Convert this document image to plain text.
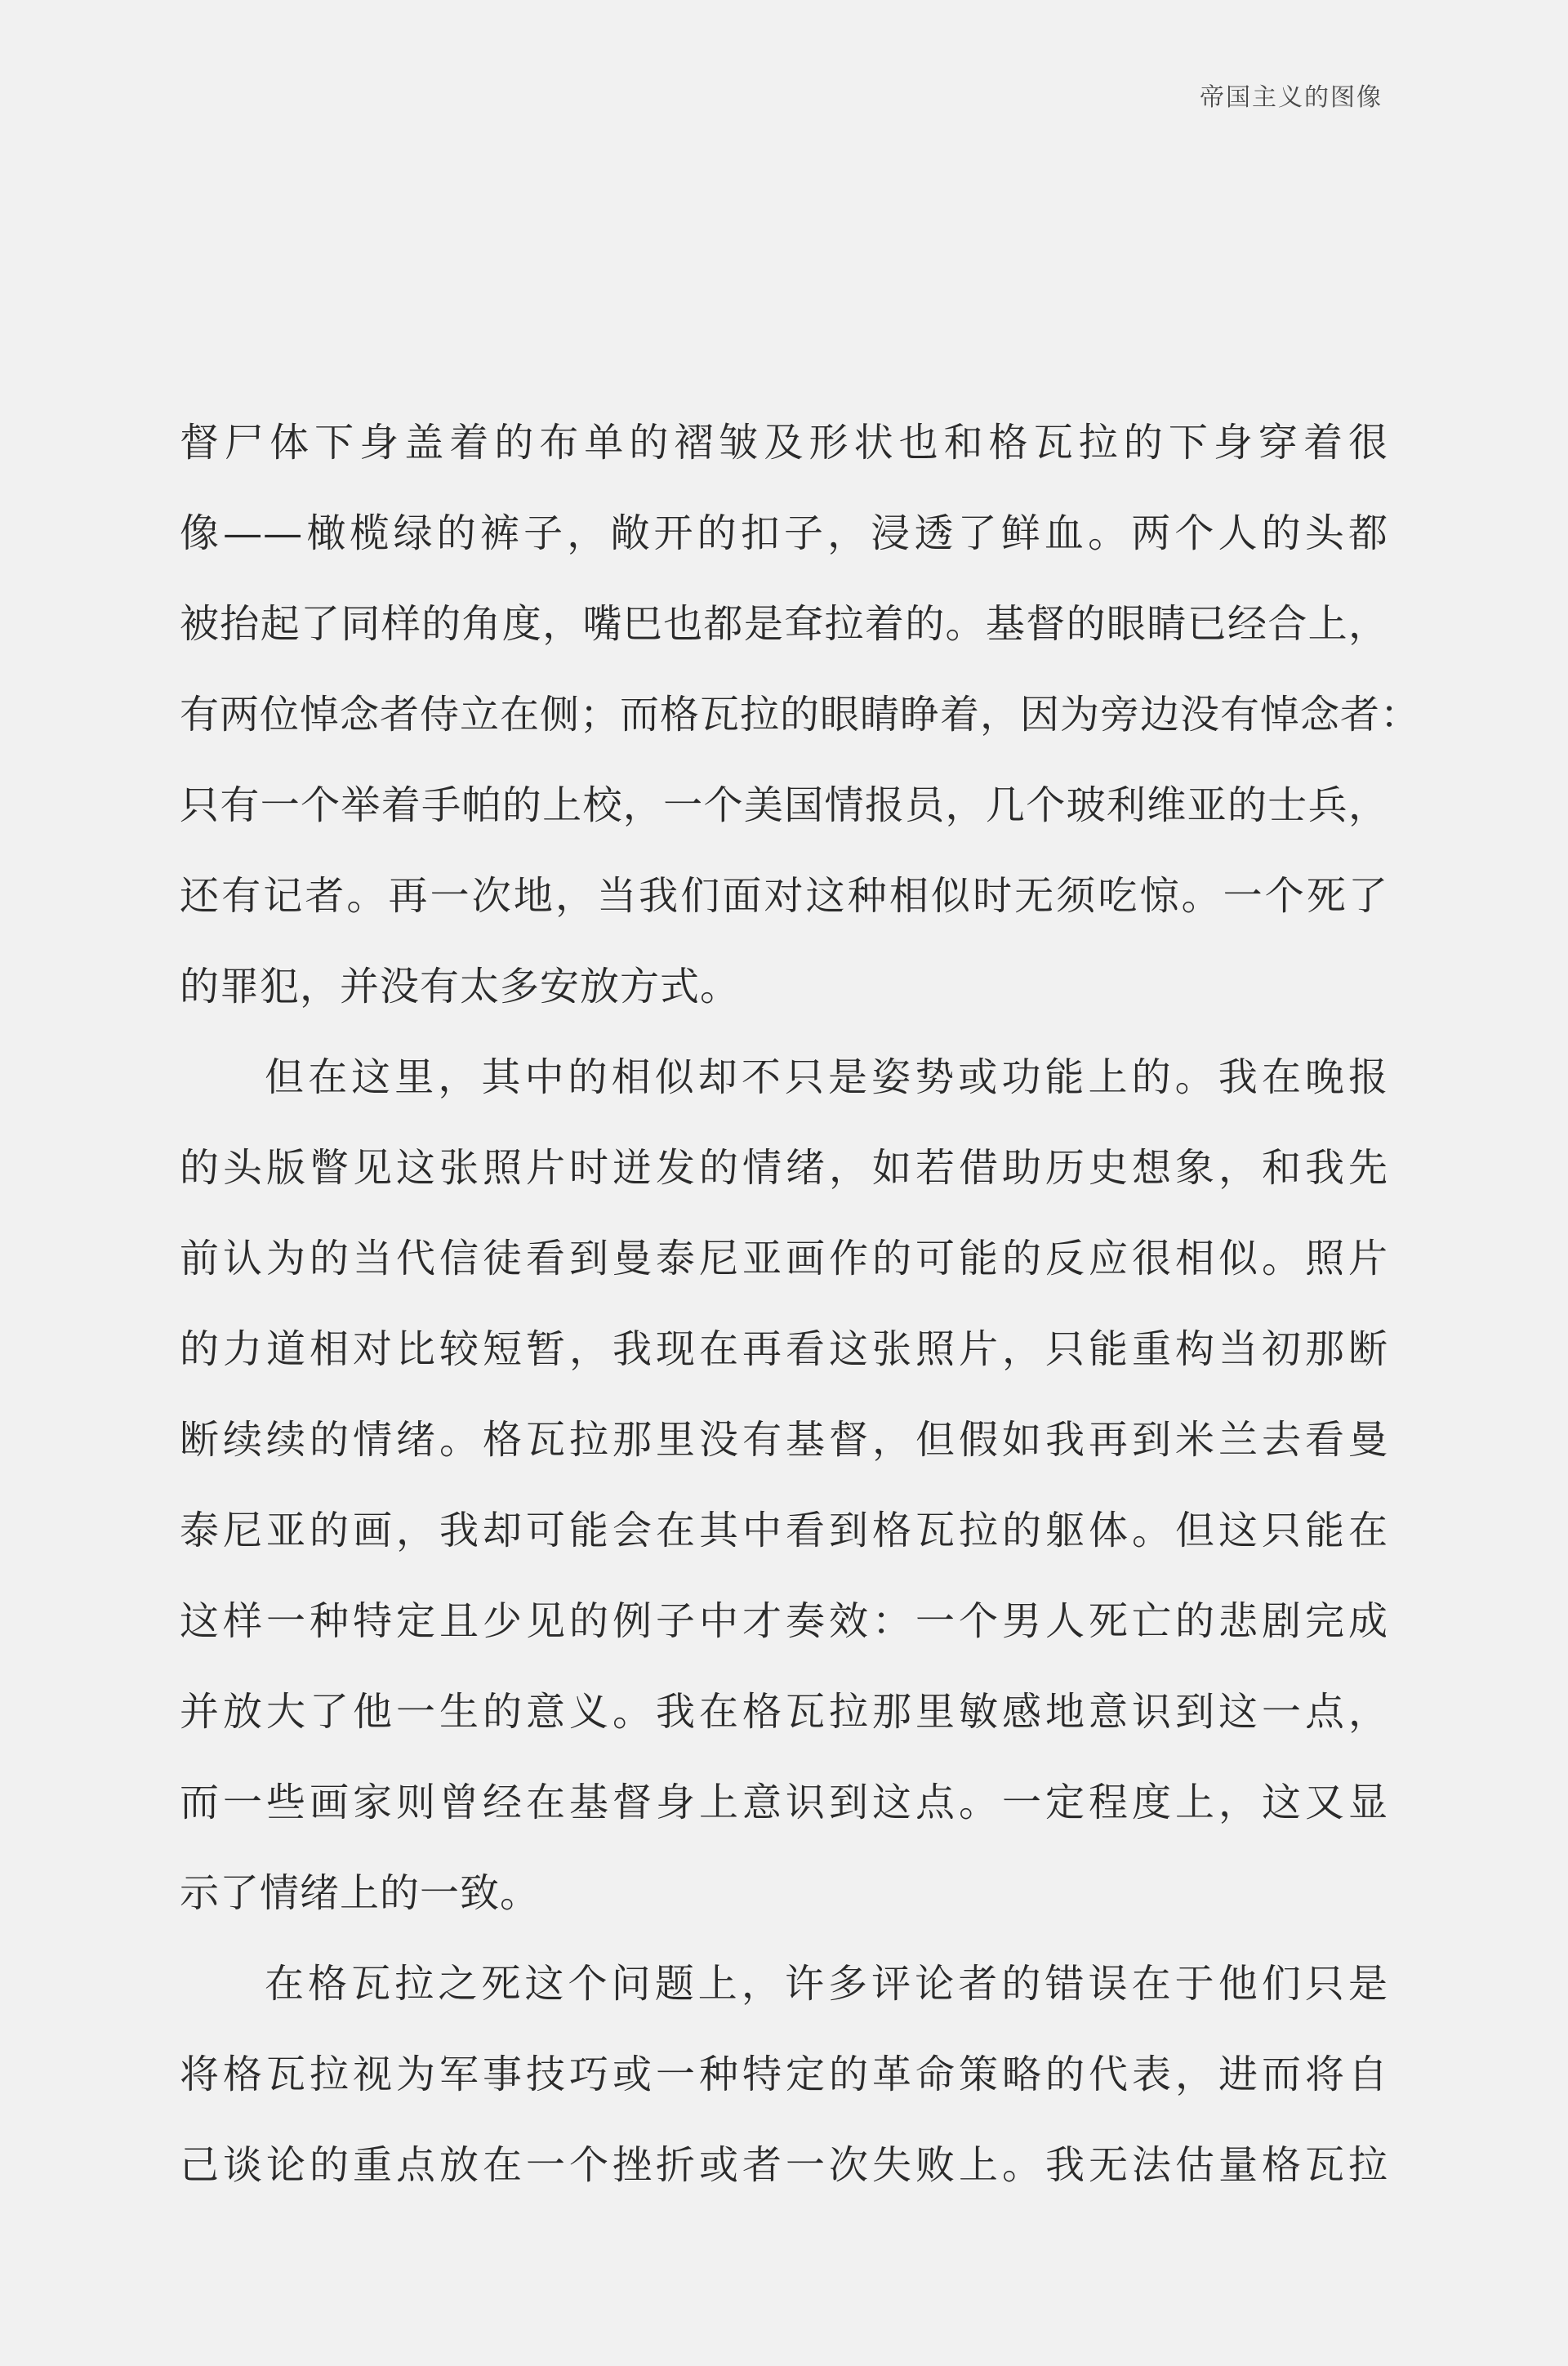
帝国主义的图像
督尸体下身盖着的布单的褶皱及形状也和格瓦拉的下身穿着很
像——橄榄绿的裤子，敞开的扣子，浸透了鲜血。两个人的头都
被抬起了同样的角度，嘴巴也都是耷拉着的。基督的眼睛已经合上，
有两位悼念者侍立在侧；而格瓦拉的眼睛睁着，因为旁边没有悼念者：
只有一个举着手帕的上校，一个美国情报员，几个玻利维亚的士兵，
还有记者。再一次地，当我们面对这种相似时无须吃惊。一个死了
的罪犯，并没有太多安放方式。
但在这里，其中的相似却不只是姿势或功能上的。我在晚报
的头版瞥见这张照片时迸发的情绪，如若借助历史想象，和我先
前认为的当代信徒看到曼泰尼亚画作的可能的反应很相似。照片
的力道相对比较短暂，我现在再看这张照片，只能重构当初那断
断续续的情绪。格瓦拉那里没有基督，但假如我再到米兰去看曼
泰尼亚的画，我却可能会在其中看到格瓦拉的躯体。但这只能在
这样一种特定且少见的例子中才奏效：一个男人死亡的悲剧完成
并放大了他一生的意义。我在格瓦拉那里敏感地意识到这一点，
而一些画家则曾经在基督身上意识到这点。一定程度上，这又显
示了情绪上的一致。
在格瓦拉之死这个问题上，许多评论者的错误在于他们只是
将格瓦拉视为军事技巧或一种特定的革命策略的代表，进而将自
己谈论的重点放在一个挫折或者一次失败上。我无法估量格瓦拉
